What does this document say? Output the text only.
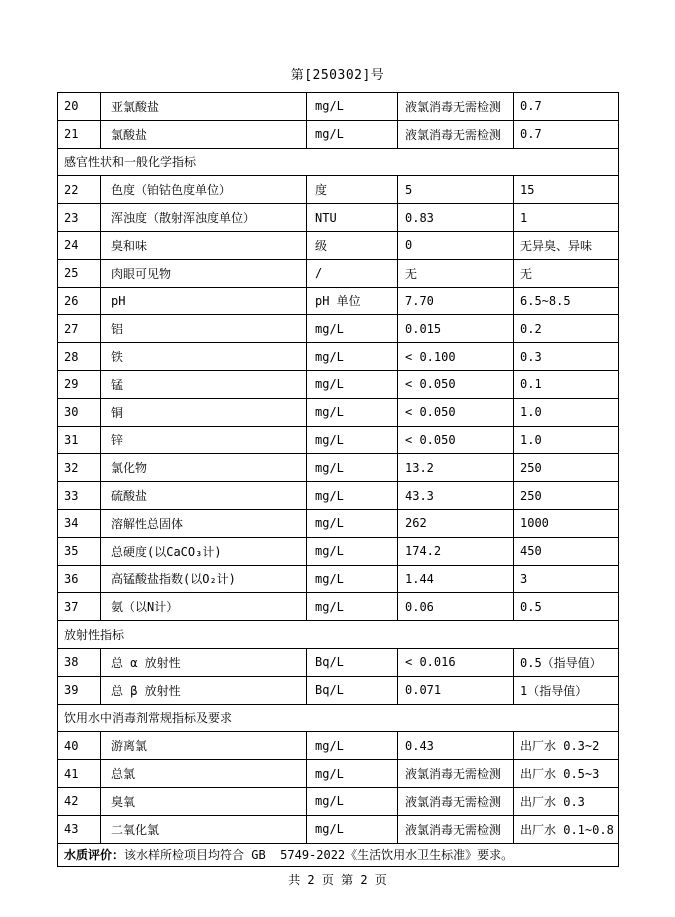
第[250302]号
20	亚氯酸盐	mg/L	液氯消毒无需检测	0.7
21	氯酸盐	mg/L	液氯消毒无需检测	0.7
感官性状和一般化学指标
22	色度（铂钴色度单位）	度	5	15
23	浑浊度（散射浑浊度单位）	NTU	0.83	1
24	臭和味	级	0	无异臭、异味
25	肉眼可见物	/	无	无
26	pH	pH 单位	7.70	6.5~8.5
27	铝	mg/L	0.015	0.2
28	铁	mg/L	< 0.100	0.3
29	锰	mg/L	< 0.050	0.1
30	铜	mg/L	< 0.050	1.0
31	锌	mg/L	< 0.050	1.0
32	氯化物	mg/L	13.2	250
33	硫酸盐	mg/L	43.3	250
34	溶解性总固体	mg/L	262	1000
35	总硬度(以CaCO₃计)	mg/L	174.2	450
36	高锰酸盐指数(以O₂计)	mg/L	1.44	3
37	氨（以N计）	mg/L	0.06	0.5
放射性指标
38	总 α 放射性	Bq/L	< 0.016	0.5（指导值）
39	总 β 放射性	Bq/L	0.071	1（指导值）
饮用水中消毒剂常规指标及要求
40	游离氯	mg/L	0.43	出厂水 0.3~2
41	总氯	mg/L	液氯消毒无需检测	出厂水 0.5~3
42	臭氧	mg/L	液氯消毒无需检测	出厂水 0.3
43	二氧化氯	mg/L	液氯消毒无需检测	出厂水 0.1~0.8
水质评价： 该水样所检项目均符合 GB  5749-2022《生活饮用水卫生标准》要求。
共 2 页 第 2 页
